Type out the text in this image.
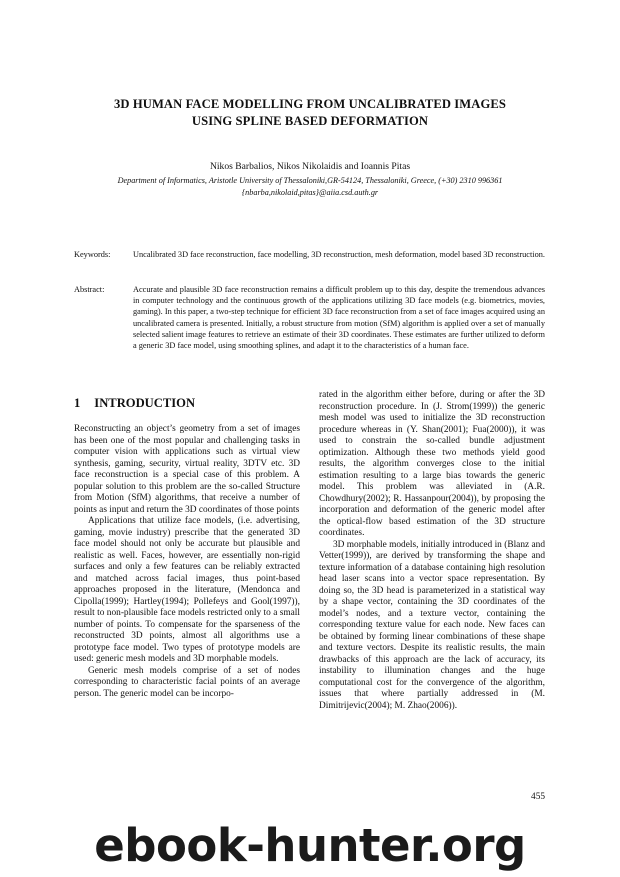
3D HUMAN FACE MODELLING FROM UNCALIBRATED IMAGES
USING SPLINE BASED DEFORMATION
Nikos Barbalios, Nikos Nikolaidis and Ioannis Pitas
Department of Informatics, Aristotle University of Thessaloniki,GR-54124, Thessaloniki, Greece, (+30) 2310 996361
{nbarba,nikolaid,pitas}@aiia.csd.auth.gr
Keywords:	Uncalibrated 3D face reconstruction, face modelling, 3D reconstruction, mesh deformation, model based 3D reconstruction.
Abstract:	Accurate and plausible 3D face reconstruction remains a difficult problem up to this day, despite the tremendous advances in computer technology and the continuous growth of the applications utilizing 3D face models (e.g. biometrics, movies, gaming). In this paper, a two-step technique for efficient 3D face reconstruction from a set of face images acquired using an uncalibrated camera is presented. Initially, a robust structure from motion (SfM) algorithm is applied over a set of manually selected salient image features to retrieve an estimate of their 3D coordinates. These estimates are further utilized to deform a generic 3D face model, using smoothing splines, and adapt it to the characteristics of a human face.
1 INTRODUCTION

Reconstructing an object’s geometry from a set of images has been one of the most popular and challenging tasks in computer vision with applications such as virtual view synthesis, gaming, security, virtual reality, 3DTV etc. 3D face reconstruction is a special case of this problem. A popular solution to this problem are the so-called Structure from Motion (SfM) algorithms, that receive a number of points as input and return the 3D coordinates of those points

Applications that utilize face models, (i.e. advertising, gaming, movie industry) prescribe that the generated 3D face model should not only be accurate but plausible and realistic as well. Faces, however, are essentially non-rigid surfaces and only a few features can be reliably extracted and matched across facial images, thus point-based approaches proposed in the literature, (Mendonca and Cipolla(1999); Hartley(1994); Pollefeys and Gool(1997)), result to non-plausible face models restricted only to a small number of points. To compensate for the sparseness of the reconstructed 3D points, almost all algorithms use a prototype face model. Two types of prototype models are used: generic mesh models and 3D morphable models.

Generic mesh models comprise of a set of nodes corresponding to characteristic facial points of an average person. The generic model can be incorpo-

rated in the algorithm either before, during or after the 3D reconstruction procedure. In (J. Strom(1999)) the generic mesh model was used to initialize the 3D reconstruction procedure whereas in (Y. Shan(2001); Fua(2000)), it was used to constrain the so-called bundle adjustment optimization. Although these two methods yield good results, the algorithm converges close to the initial estimation resulting to a large bias towards the generic model. This problem was alleviated in (A.R. Chowdhury(2002); R. Hassanpour(2004)), by proposing the incorporation and deformation of the generic model after the optical-flow based estimation of the 3D structure coordinates.

3D morphable models, initially introduced in (Blanz and Vetter(1999)), are derived by transforming the shape and texture information of a database containing high resolution head laser scans into a vector space representation. By doing so, the 3D head is parameterized in a statistical way by a shape vector, containing the 3D coordinates of the model’s nodes, and a texture vector, containing the corresponding texture value for each node. New faces can be obtained by forming linear combinations of these shape and texture vectors. Despite its realistic results, the main drawbacks of this approach are the lack of accuracy, its instability to illumination changes and the huge computational cost for the convergence of the algorithm, issues that where partially addressed in (M. Dimitrijevic(2004); M. Zhao(2006)).

455
ebook-hunter.org
